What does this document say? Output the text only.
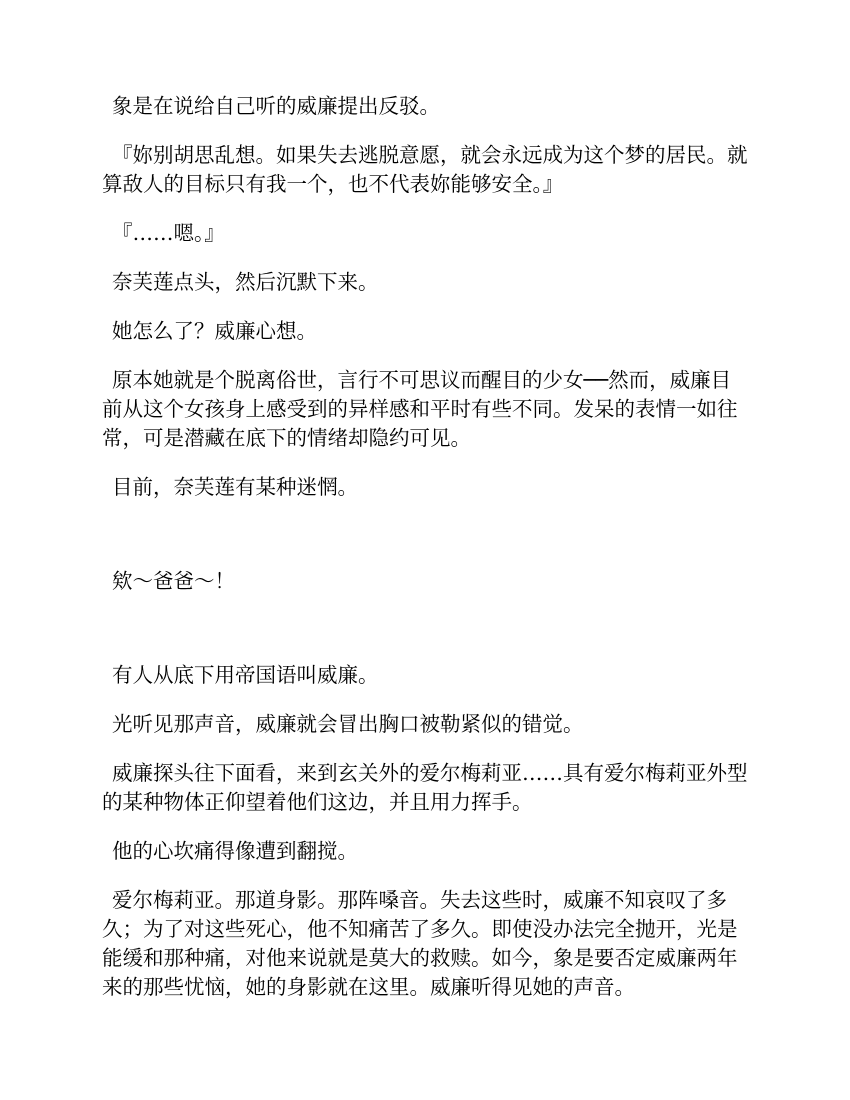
象是在说给自己听的威廉提出反驳。

『妳别胡思乱想。如果失去逃脱意愿，就会永远成为这个梦的居民。就算敌人的目标只有我一个，也不代表妳能够安全。』

『……嗯。』

奈芙莲点头，然后沉默下来。

她怎么了？威廉心想。

原本她就是个脱离俗世，言行不可思议而醒目的少女──然而，威廉目前从这个女孩身上感受到的异样感和平时有些不同。发呆的表情一如往常，可是潜藏在底下的情绪却隐约可见。

目前，奈芙莲有某种迷惘。

欸～爸爸～！

有人从底下用帝国语叫威廉。

光听见那声音，威廉就会冒出胸口被勒紧似的错觉。

威廉探头往下面看，来到玄关外的爱尔梅莉亚……具有爱尔梅莉亚外型的某种物体正仰望着他们这边，并且用力挥手。

他的心坎痛得像遭到翻搅。

爱尔梅莉亚。那道身影。那阵嗓音。失去这些时，威廉不知哀叹了多久；为了对这些死心，他不知痛苦了多久。即使没办法完全抛开，光是能缓和那种痛，对他来说就是莫大的救赎。如今，象是要否定威廉两年来的那些忧恼，她的身影就在这里。威廉听得见她的声音。
